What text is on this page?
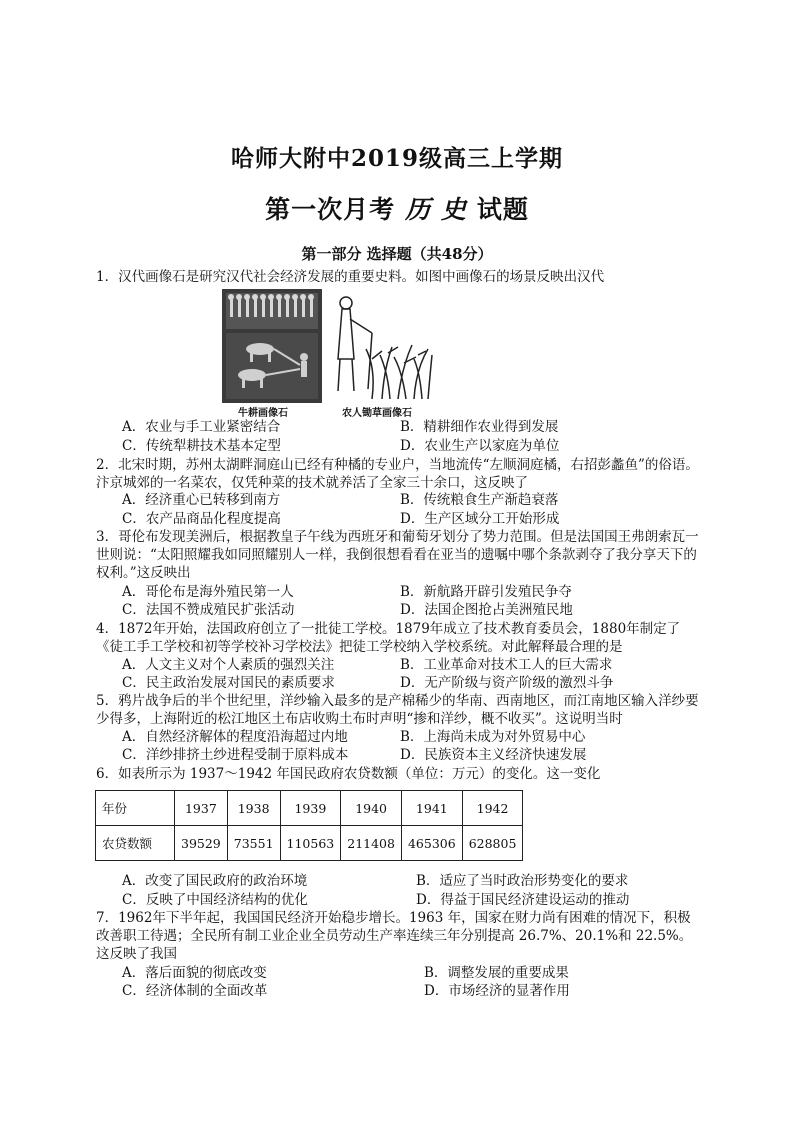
哈师大附中2019级高三上学期
第一次月考 历 史 试题
第一部分 选择题（共48分）
1．汉代画像石是研究汉代社会经济发展的重要史料。如图中画像石的场景反映出汉代
牛耕画像石	农人锄草画像石
A．农业与手工业紧密结合	B．精耕细作农业得到发展
C．传统犁耕技术基本定型	D．农业生产以家庭为单位
2．北宋时期，苏州太湖畔洞庭山已经有种橘的专业户，当地流传“左顺洞庭橘，右招彭蠡鱼”的俗语。汴京城郊的一名菜农，仅凭种菜的技术就养活了全家三十余口，这反映了
A．经济重心已转移到南方	B．传统粮食生产渐趋衰落
C．农产品商品化程度提高	D．生产区域分工开始形成
3．哥伦布发现美洲后，根据教皇子午线为西班牙和葡萄牙划分了势力范围。但是法国国王弗朗索瓦一世则说：“太阳照耀我如同照耀别人一样，我倒很想看看在亚当的遗嘱中哪个条款剥夺了我分享天下的权利。”这反映出
A．哥伦布是海外殖民第一人	B．新航路开辟引发殖民争夺
C．法国不赞成殖民扩张活动	D．法国企图抢占美洲殖民地
4．1872年开始，法国政府创立了一批徒工学校。1879年成立了技术教育委员会，1880年制定了《徒工手工学校和初等学校补习学校法》把徒工学校纳入学校系统。对此解释最合理的是
A．人文主义对个人素质的强烈关注	B．工业革命对技术工人的巨大需求
C．民主政治发展对国民的素质要求	D．无产阶级与资产阶级的激烈斗争
5．鸦片战争后的半个世纪里，洋纱输入最多的是产棉稀少的华南、西南地区，而江南地区输入洋纱要少得多，上海附近的松江地区土布店收购土布时声明“掺和洋纱，概不收买”。这说明当时
A．自然经济解体的程度沿海超过内地	B．上海尚未成为对外贸易中心
C．洋纱排挤土纱进程受制于原料成本	D．民族资本主义经济快速发展
6．如表所示为 1937～1942 年国民政府农贷数额（单位：万元）的变化。这一变化
年份	1937	1938	1939	1940	1941	1942
农贷数额	39529	73551	110563	211408	465306	628805
A．改变了国民政府的政治环境	B．适应了当时政治形势变化的要求
C．反映了中国经济结构的优化	D．得益于国民经济建设运动的推动
7．1962年下半年起，我国国民经济开始稳步增长。1963 年，国家在财力尚有困难的情况下，积极改善职工待遇；全民所有制工业企业全员劳动生产率连续三年分别提高 26.7%、20.1%和 22.5%。这反映了我国
A．落后面貌的彻底改变	B．调整发展的重要成果
C．经济体制的全面改革	D．市场经济的显著作用
